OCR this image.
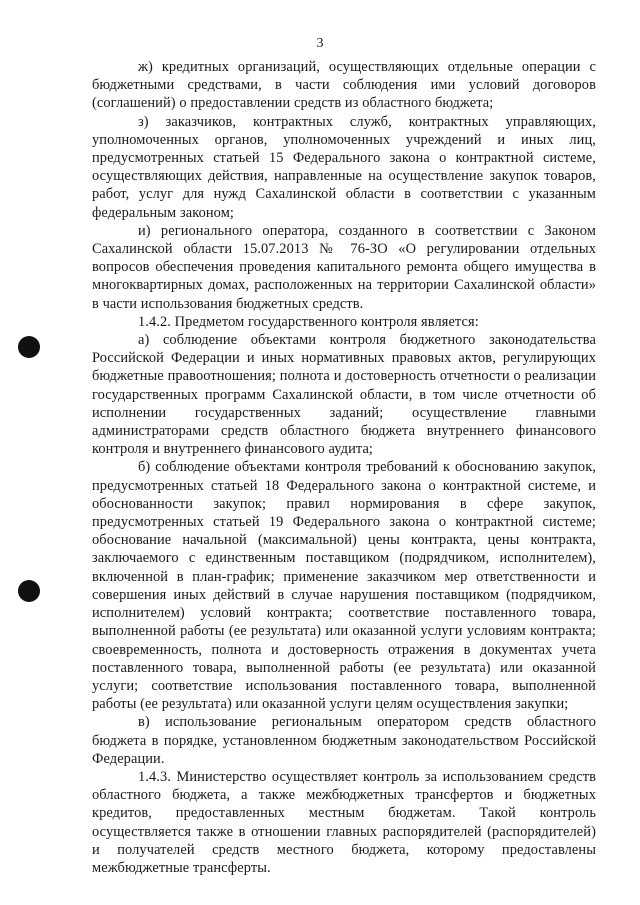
3

ж) кредитных организаций, осуществляющих отдельные операции с бюджетными средствами, в части соблюдения ими условий договоров (соглашений) о предоставлении средств из областного бюджета;

з) заказчиков, контрактных служб, контрактных управляющих, уполномоченных органов, уполномоченных учреждений и иных лиц, предусмотренных статьей 15 Федерального закона о контрактной системе, осуществляющих действия, направленные на осуществление закупок товаров, работ, услуг для нужд Сахалинской области в соответствии с указанным федеральным законом;

и) регионального оператора, созданного в соответствии с Законом Сахалинской области 15.07.2013 № 76-ЗО «О регулировании отдельных вопросов обеспечения проведения капитального ремонта общего имущества в многоквартирных домах, расположенных на территории Сахалинской области» в части использования бюджетных средств.

1.4.2. Предметом государственного контроля является:

а) соблюдение объектами контроля бюджетного законодательства Российской Федерации и иных нормативных правовых актов, регулирующих бюджетные правоотношения; полнота и достоверность отчетности о реализации государственных программ Сахалинской области, в том числе отчетности об исполнении государственных заданий; осуществление главными администраторами средств областного бюджета внутреннего финансового контроля и внутреннего финансового аудита;

б) соблюдение объектами контроля требований к обоснованию закупок, предусмотренных статьей 18 Федерального закона о контрактной системе, и обоснованности закупок; правил нормирования в сфере закупок, предусмотренных статьей 19 Федерального закона о контрактной системе; обоснование начальной (максимальной) цены контракта, цены контракта, заключаемого с единственным поставщиком (подрядчиком, исполнителем), включенной в план-график; применение заказчиком мер ответственности и совершения иных действий в случае нарушения поставщиком (подрядчиком, исполнителем) условий контракта; соответствие поставленного товара, выполненной работы (ее результата) или оказанной услуги условиям контракта; своевременность, полнота и достоверность отражения в документах учета поставленного товара, выполненной работы (ее результата) или оказанной услуги; соответствие использования поставленного товара, выполненной работы (ее результата) или оказанной услуги целям осуществления закупки;

в) использование региональным оператором средств областного бюджета в порядке, установленном бюджетным законодательством Российской Федерации.

1.4.3. Министерство осуществляет контроль за использованием средств областного бюджета, а также межбюджетных трансфертов и бюджетных кредитов, предоставленных местным бюджетам. Такой контроль осуществляется также в отношении главных распорядителей (распорядителей) и получателей средств местного бюджета, которому предоставлены межбюджетные трансферты.
